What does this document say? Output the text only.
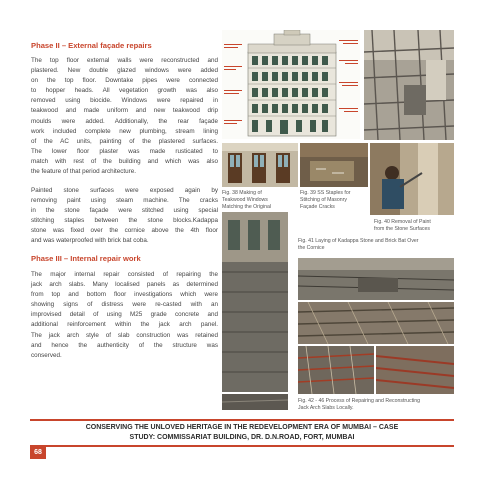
Phase II – External façade repairs
The top floor external walls were reconstructed and
plastered. New double glazed windows were added
on the top floor. Downtake pipes were connected
to hopper heads. All vegetation growth was also
removed using biocide. Windows were repaired in
teakwood and made uniform and new teakwood drip
moulds were added. Additionally, the rear façade
work included complete new plumbing, stream lining
of the AC units, painting of the plastered surfaces.
The lower floor plaster was made rusticated to
match with rest of the building and which was also
the feature of that period architecture.
Painted stone surfaces were exposed again by
removing paint using steam machine. The cracks
in the stone façade were stitched using special
stitching staples between the stone blocks.Kadappa
stone was fixed over the cornice above the 4th floor
and was waterproofed with brick bat coba.
Phase III – Internal repair work
The major internal repair consisted of repairing the
jack arch slabs. Many localised panels as determined
from top and bottom floor investigations which were
showing signs of distress were re-casted with an
improvised detail of using M25 grade concrete and
additional reinforcement within the jack arch panel.
The jack arch style of slab construction was retained
and hence the authenticity of the structure was
conserved.
Fig. 38 Making of
Teakwood Windows
Matching the Original
Fig. 39 SS Staples for
Stitching of Masonry
Façade Cracks
Fig. 40 Removal of Paint
from the Stone Surfaces
Fig. 41 Laying of Kadappa Stone and Brick Bat Over
the Cornice
Fig. 42 - 46 Process of Repairing and Reconstructing
Jack Arch Slabs Locally.
CONSERVING THE UNLOVED HERITAGE IN THE REDEVELOPMENT ERA OF MUMBAI – CASE
STUDY: COMMISSARIAT BUILDING, DR. D.N.ROAD, FORT, MUMBAI
68
